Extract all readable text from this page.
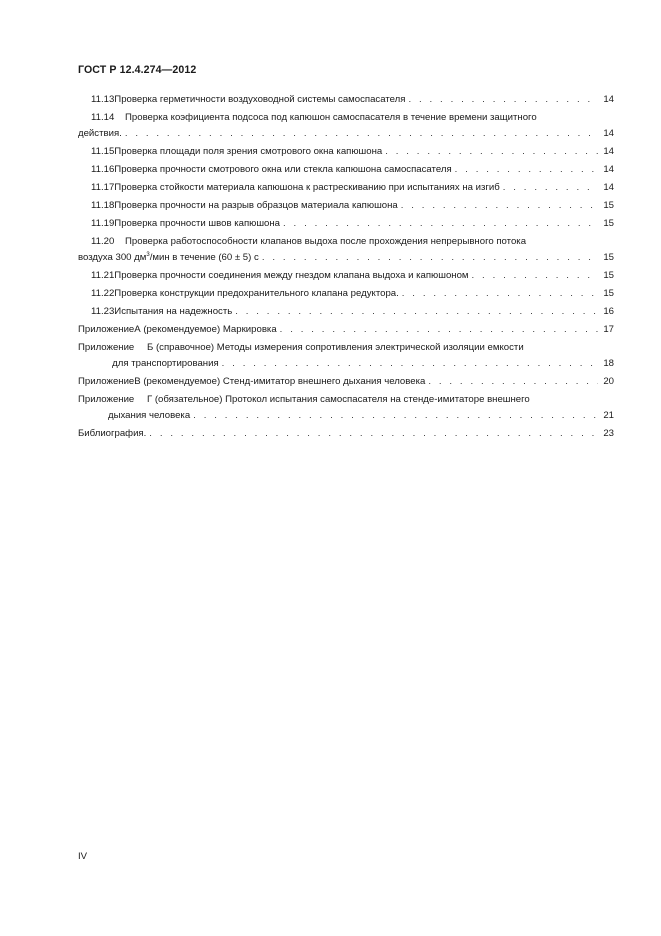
ГОСТ Р 12.4.274—2012
11.13 Проверка герметичности воздуховодной системы самоспасателя . . .	14
11.14	Проверка коэфициента подсоса под капюшон самоспасателя в течение времени защитного
действия. . . .	14
11.15 Проверка площади поля зрения смотрового окна капюшона . . .	14
11.16 Проверка прочности смотрового окна или стекла капюшона самоспасателя . . .	14
11.17 Проверка стойкости материала капюшона к растрескиванию при испытаниях на изгиб . . .	14
11.18 Проверка прочности на разрыв образцов материала капюшона . . .	15
11.19 Проверка прочности швов капюшона . . .	15
11.20	Проверка работоспособности клапанов выдоха после прохождения непрерывного потока
воздуха 300 $дм^3$/мин в течение (60 ± 5) с . . .	15
11.21 Проверка прочности соединения между гнездом клапана выдоха и капюшоном . . .	15
11.22 Проверка конструкции предохранительного клапана редуктора. . . .	15
11.23 Испытания на надежность . . .	16
Приложение А (рекомендуемое) Маркировка . . .	17
Приложение	Б (справочное) Методы измерения сопротивления электрической изоляции емкости
для транспортирования . . .	18
Приложение В (рекомендуемое) Стенд-имитатор внешнего дыхания человека . . .	20
Приложение	Г (обязательное) Протокол испытания самоспасателя на стенде-имитаторе внешнего
дыхания человека . . .	21
Библиография. . . .	23
IV
